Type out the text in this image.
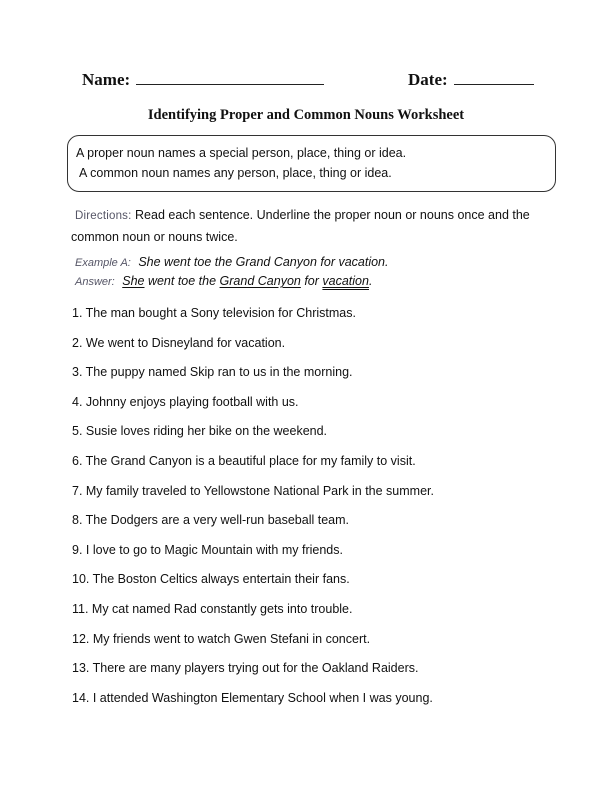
Name:	Date:
Identifying Proper and Common Nouns Worksheet
A proper noun names a special person, place, thing or idea.
A common noun names any person, place, thing or idea.
Directions: Read each sentence. Underline the proper noun or nouns once and the common noun or nouns twice.
Example A: She went toe the Grand Canyon for vacation.
Answer: She went toe the Grand Canyon for vacation.
1. The man bought a Sony television for Christmas.
2. We went to Disneyland for vacation.
3. The puppy named Skip ran to us in the morning.
4. Johnny enjoys playing football with us.
5. Susie loves riding her bike on the weekend.
6. The Grand Canyon is a beautiful place for my family to visit.
7. My family traveled to Yellowstone National Park in the summer.
8. The Dodgers are a very well-run baseball team.
9. I love to go to Magic Mountain with my friends.
10. The Boston Celtics always entertain their fans.
11. My cat named Rad constantly gets into trouble.
12. My friends went to watch Gwen Stefani in concert.
13. There are many players trying out for the Oakland Raiders.
14. I attended Washington Elementary School when I was young.
